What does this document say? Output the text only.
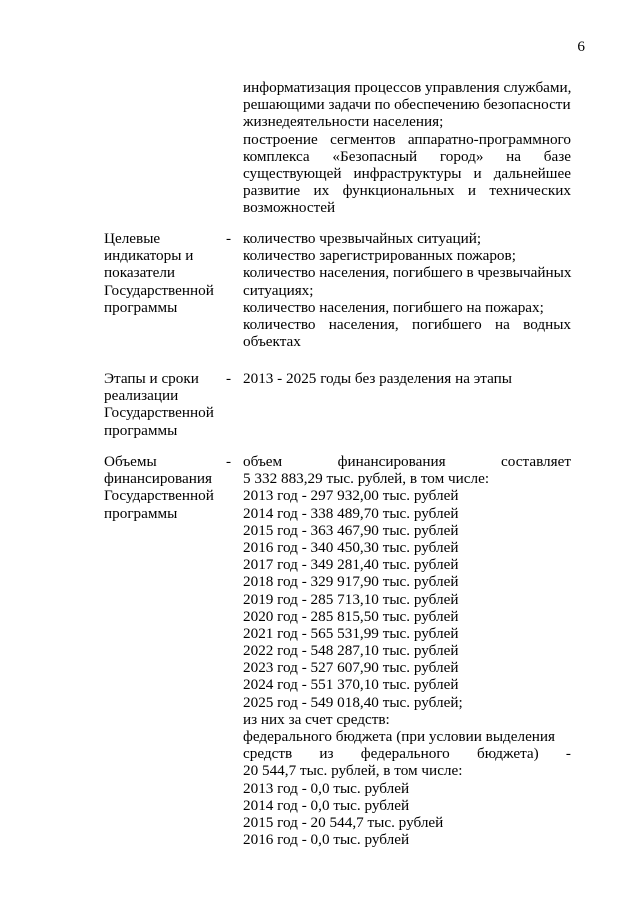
6
информатизация процессов управления службами,
решающими задачи по обеспечению безопасности
жизнедеятельности населения;
построение сегментов аппаратно-программного
комплекса «Безопасный город» на базе
существующей инфраструктуры и дальнейшее
развитие их функциональных и технических
возможностей
Целевые
индикаторы и
показатели
Государственной
программы
- количество чрезвычайных ситуаций;
количество зарегистрированных пожаров;
количество населения, погибшего в чрезвычайных
ситуациях;
количество населения, погибшего на пожарах;
количество населения, погибшего на водных
объектах
Этапы и сроки
реализации
Государственной
программы
- 2013 - 2025 годы без разделения на этапы
Объемы
финансирования
Государственной
программы
- объем финансирования составляет
5 332 883,29 тыс. рублей, в том числе:
2013 год - 297 932,00 тыс. рублей
2014 год - 338 489,70 тыс. рублей
2015 год - 363 467,90 тыс. рублей
2016 год - 340 450,30 тыс. рублей
2017 год - 349 281,40 тыс. рублей
2018 год - 329 917,90 тыс. рублей
2019 год - 285 713,10 тыс. рублей
2020 год - 285 815,50 тыс. рублей
2021 год - 565 531,99 тыс. рублей
2022 год - 548 287,10 тыс. рублей
2023 год - 527 607,90 тыс. рублей
2024 год - 551 370,10 тыс. рублей
2025 год - 549 018,40 тыс. рублей;
из них за счет средств:
федерального бюджета (при условии выделения
средств из федерального бюджета) -
20 544,7 тыс. рублей, в том числе:
2013 год - 0,0 тыс. рублей
2014 год - 0,0 тыс. рублей
2015 год - 20 544,7 тыс. рублей
2016 год - 0,0 тыс. рублей
